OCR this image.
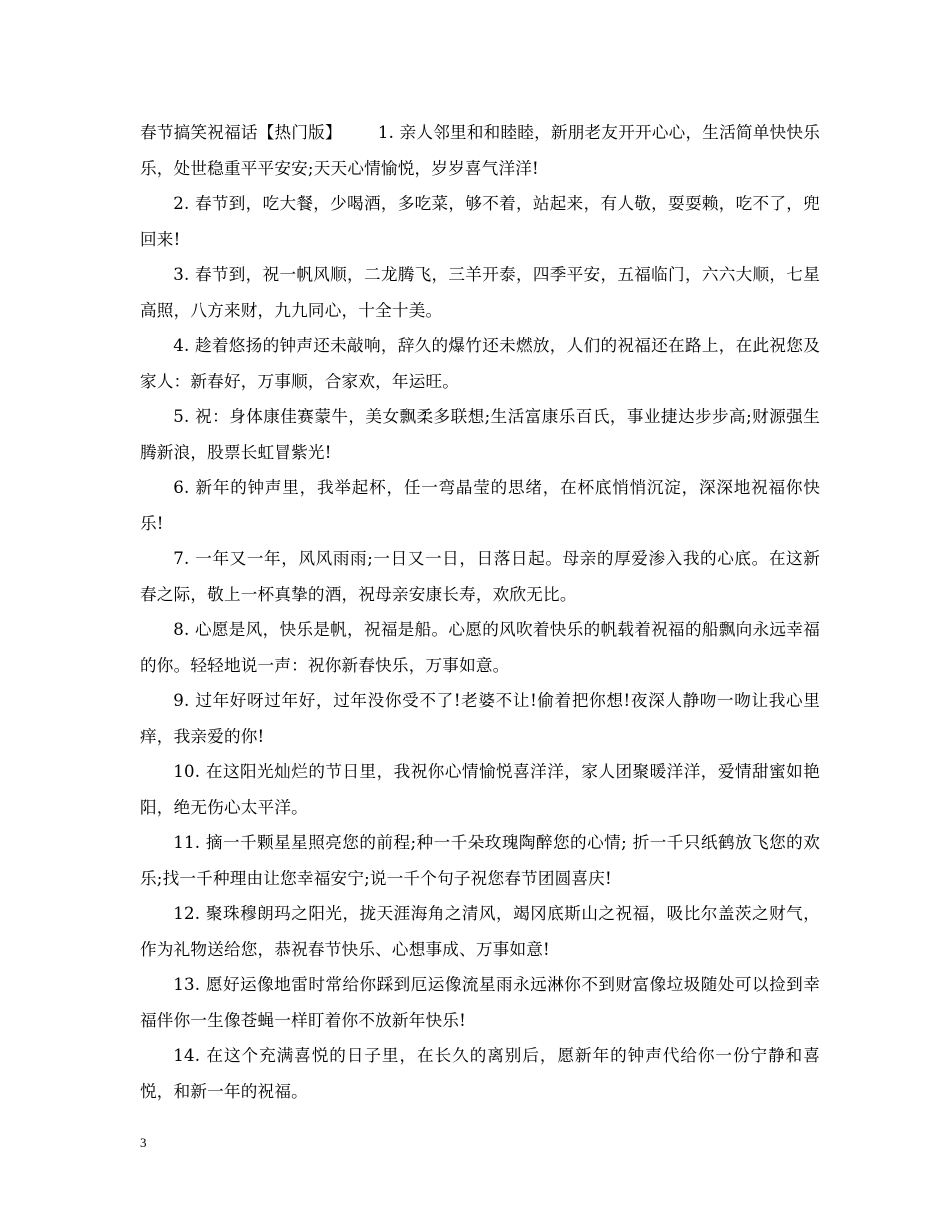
春节搞笑祝福话【热门版】 1. 亲人邻里和和睦睦，新朋老友开开心心，生活简单快快乐乐，处世稳重平平安安;天天心情愉悦，岁岁喜气洋洋!

2. 春节到，吃大餐，少喝酒，多吃菜，够不着，站起来，有人敬，耍耍赖，吃不了，兜回来!

3. 春节到，祝一帆风顺，二龙腾飞，三羊开泰，四季平安，五福临门，六六大顺，七星高照，八方来财，九九同心，十全十美。

4. 趁着悠扬的钟声还未敲响，辞久的爆竹还未燃放，人们的祝福还在路上，在此祝您及家人：新春好，万事顺，合家欢，年运旺。

5. 祝：身体康佳赛蒙牛，美女飘柔多联想;生活富康乐百氏，事业捷达步步高;财源强生腾新浪，股票长虹冒紫光!

6. 新年的钟声里，我举起杯，任一弯晶莹的思绪，在杯底悄悄沉淀，深深地祝福你快乐!

7. 一年又一年，风风雨雨;一日又一日，日落日起。母亲的厚爱渗入我的心底。在这新春之际，敬上一杯真挚的酒，祝母亲安康长寿，欢欣无比。

8. 心愿是风，快乐是帆，祝福是船。心愿的风吹着快乐的帆载着祝福的船飘向永远幸福的你。轻轻地说一声：祝你新春快乐，万事如意。

9. 过年好呀过年好，过年没你受不了!老婆不让!偷着把你想!夜深人静吻一吻让我心里痒，我亲爱的你!

10. 在这阳光灿烂的节日里，我祝你心情愉悦喜洋洋，家人团聚暖洋洋，爱情甜蜜如艳阳，绝无伤心太平洋。

11. 摘一千颗星星照亮您的前程;种一千朵玫瑰陶醉您的心情; 折一千只纸鹤放飞您的欢乐;找一千种理由让您幸福安宁;说一千个句子祝您春节团圆喜庆!

12. 聚珠穆朗玛之阳光，拢天涯海角之清风，竭冈底斯山之祝福，吸比尔盖茨之财气，作为礼物送给您，恭祝春节快乐、心想事成、万事如意!

13. 愿好运像地雷时常给你踩到厄运像流星雨永远淋你不到财富像垃圾随处可以捡到幸福伴你一生像苍蝇一样盯着你不放新年快乐!

14. 在这个充满喜悦的日子里，在长久的离别后，愿新年的钟声代给你一份宁静和喜悦，和新一年的祝福。

3
